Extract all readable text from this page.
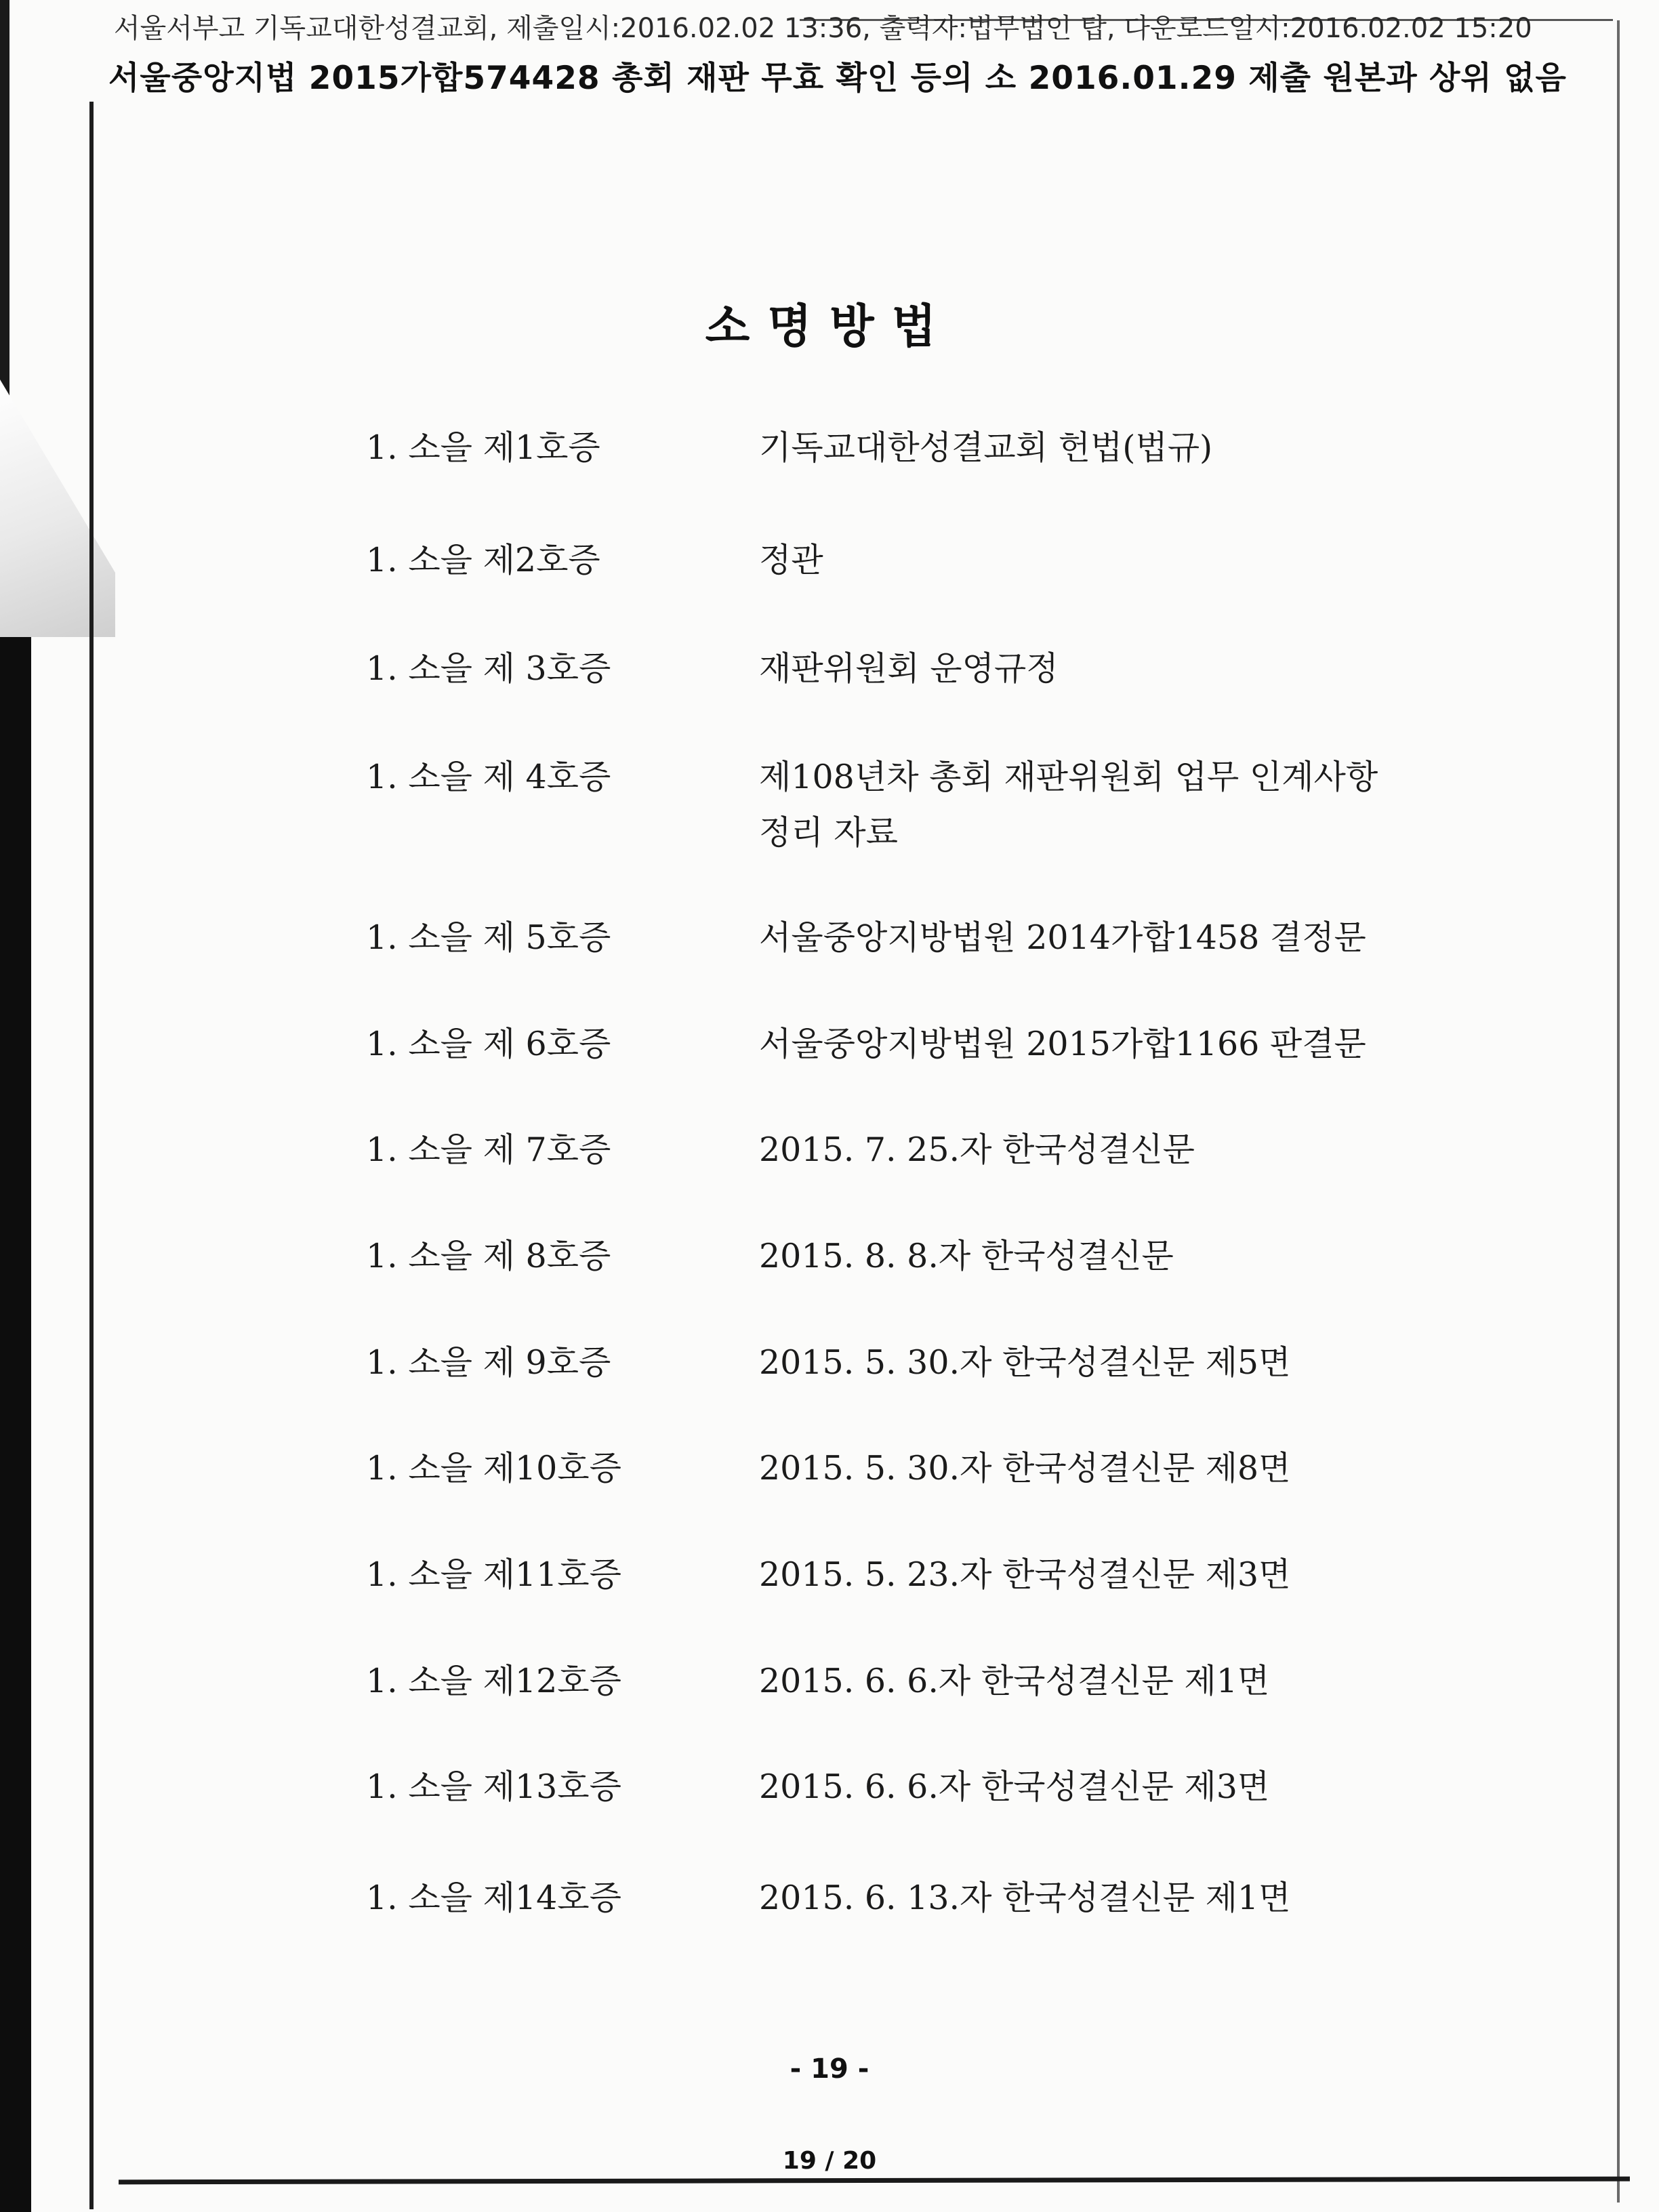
서울서부고 기독교대한성결교회, 제출일시:2016.02.02 13:36, 출력자:법무법인 탑, 다운로드일시:2016.02.02 15:20
서울중앙지법 2015가합574428 총회 재판 무효 확인 등의 소 2016.01.29 제출 원본과 상위 없음
소명방법
1. 소을 제1호증	기독교대한성결교회 헌법(법규)
1. 소을 제2호증	정관
1. 소을 제 3호증	재판위원회 운영규정
1. 소을 제 4호증	제108년차 총회 재판위원회 업무 인계사항
정리 자료
1. 소을 제 5호증	서울중앙지방법원 2014가합1458 결정문
1. 소을 제 6호증	서울중앙지방법원 2015가합1166 판결문
1. 소을 제 7호증	2015. 7. 25.자 한국성결신문
1. 소을 제 8호증	2015. 8. 8.자 한국성결신문
1. 소을 제 9호증	2015. 5. 30.자 한국성결신문 제5면
1. 소을 제10호증	2015. 5. 30.자 한국성결신문 제8면
1. 소을 제11호증	2015. 5. 23.자 한국성결신문 제3면
1. 소을 제12호증	2015. 6. 6.자 한국성결신문 제1면
1. 소을 제13호증	2015. 6. 6.자 한국성결신문 제3면
1. 소을 제14호증	2015. 6. 13.자 한국성결신문 제1면
- 19 -
19 / 20
